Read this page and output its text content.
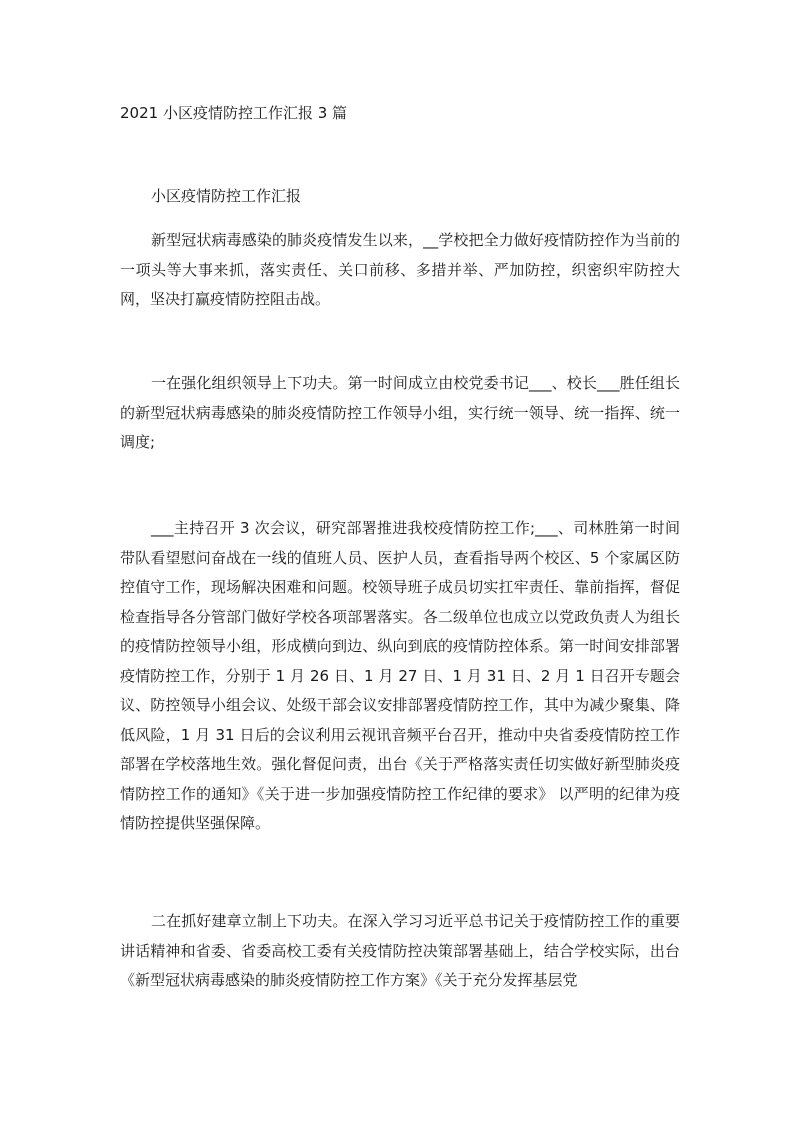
2021 小区疫情防控工作汇报 3 篇
小区疫情防控工作汇报

新型冠状病毒感染的肺炎疫情发生以来，__学校把全力做好疫情防控作为当前的一项头等大事来抓，落实责任、关口前移、多措并举、严加防控，织密织牢防控大网，坚决打赢疫情防控阻击战。

一在强化组织领导上下功夫。第一时间成立由校党委书记___、校长___胜任组长的新型冠状病毒感染的肺炎疫情防控工作领导小组，实行统一领导、统一指挥、统一调度;

___主持召开 3 次会议，研究部署推进我校疫情防控工作;___、司林胜第一时间带队看望慰问奋战在一线的值班人员、医护人员，查看指导两个校区、5 个家属区防控值守工作，现场解决困难和问题。校领导班子成员切实扛牢责任、靠前指挥，督促检查指导各分管部门做好学校各项部署落实。各二级单位也成立以党政负责人为组长的疫情防控领导小组，形成横向到边、纵向到底的疫情防控体系。第一时间安排部署疫情防控工作，分别于 1 月 26 日、1 月 27 日、1 月 31 日、2 月 1 日召开专题会议、防控领导小组会议、处级干部会议安排部署疫情防控工作，其中为减少聚集、降低风险，1 月 31 日后的会议利用云视讯音频平台召开，推动中央省委疫情防控工作部署在学校落地生效。强化督促问责，出台《关于严格落实责任切实做好新型肺炎疫情防控工作的通知》《关于进一步加强疫情防控工作纪律的要求》 以严明的纪律为疫情防控提供坚强保障。

二在抓好建章立制上下功夫。在深入学习习近平总书记关于疫情防控工作的重要讲话精神和省委、省委高校工委有关疫情防控决策部署基础上，结合学校实际，出台《新型冠状病毒感染的肺炎疫情防控工作方案》《关于充分发挥基层党
